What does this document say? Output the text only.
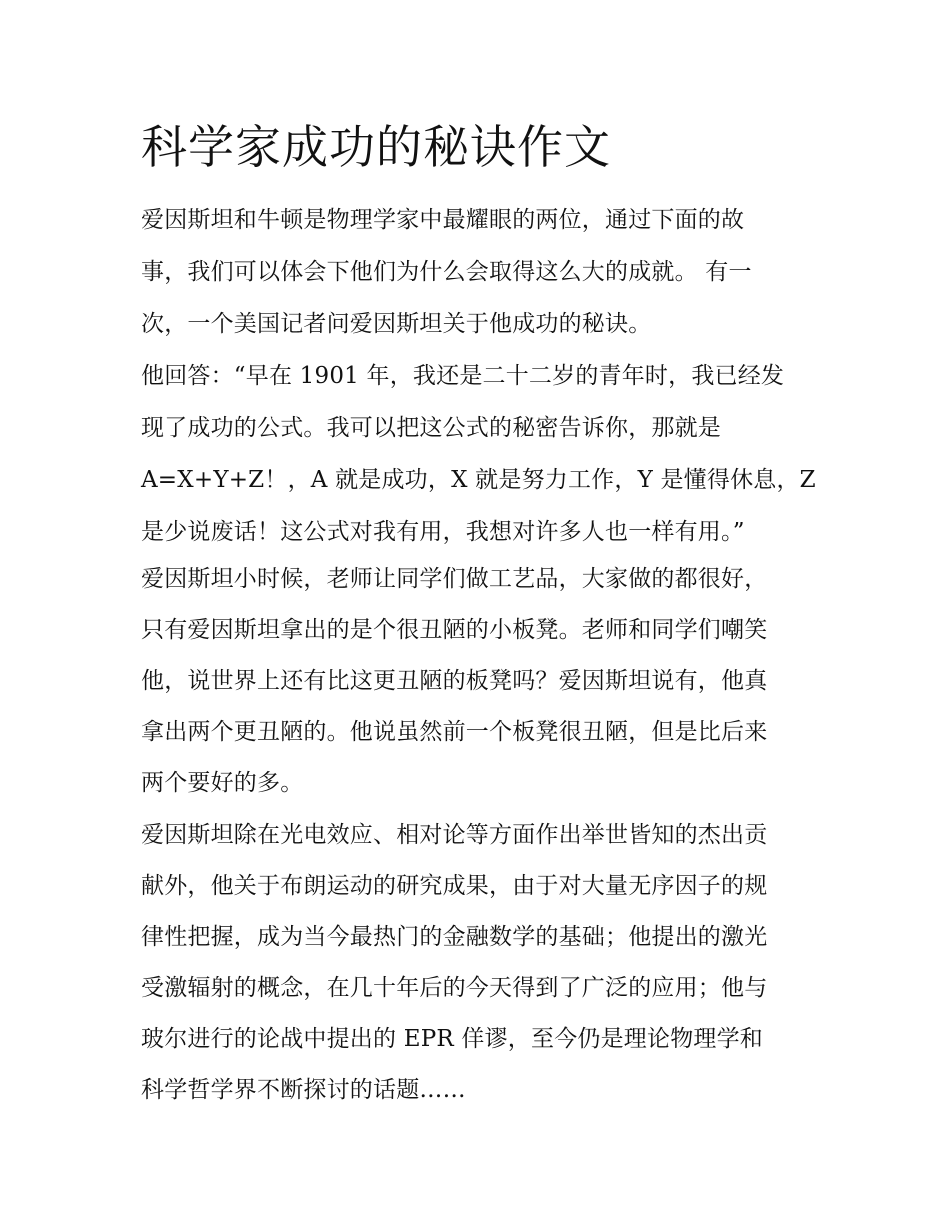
科学家成功的秘诀作文

爱因斯坦和牛顿是物理学家中最耀眼的两位，通过下面的故

事，我们可以体会下他们为什么会取得这么大的成就。 有一

次，一个美国记者问爱因斯坦关于他成功的秘诀。

他回答：“早在 1901 年，我还是二十二岁的青年时，我已经发

现了成功的公式。我可以把这公式的秘密告诉你，那就是

A=X+Y+Z！，A 就是成功，X 就是努力工作，Y 是懂得休息，Z

是少说废话！这公式对我有用，我想对许多人也一样有用。”

爱因斯坦小时候，老师让同学们做工艺品，大家做的都很好，

只有爱因斯坦拿出的是个很丑陋的小板凳。老师和同学们嘲笑

他，说世界上还有比这更丑陋的板凳吗？爱因斯坦说有，他真

拿出两个更丑陋的。他说虽然前一个板凳很丑陋，但是比后来

两个要好的多。

爱因斯坦除在光电效应、相对论等方面作出举世皆知的杰出贡

献外，他关于布朗运动的研究成果，由于对大量无序因子的规

律性把握，成为当今最热门的金融数学的基础；他提出的激光

受激辐射的概念，在几十年后的今天得到了广泛的应用；他与

玻尔进行的论战中提出的 EPR 佯谬，至今仍是理论物理学和

科学哲学界不断探讨的话题……
